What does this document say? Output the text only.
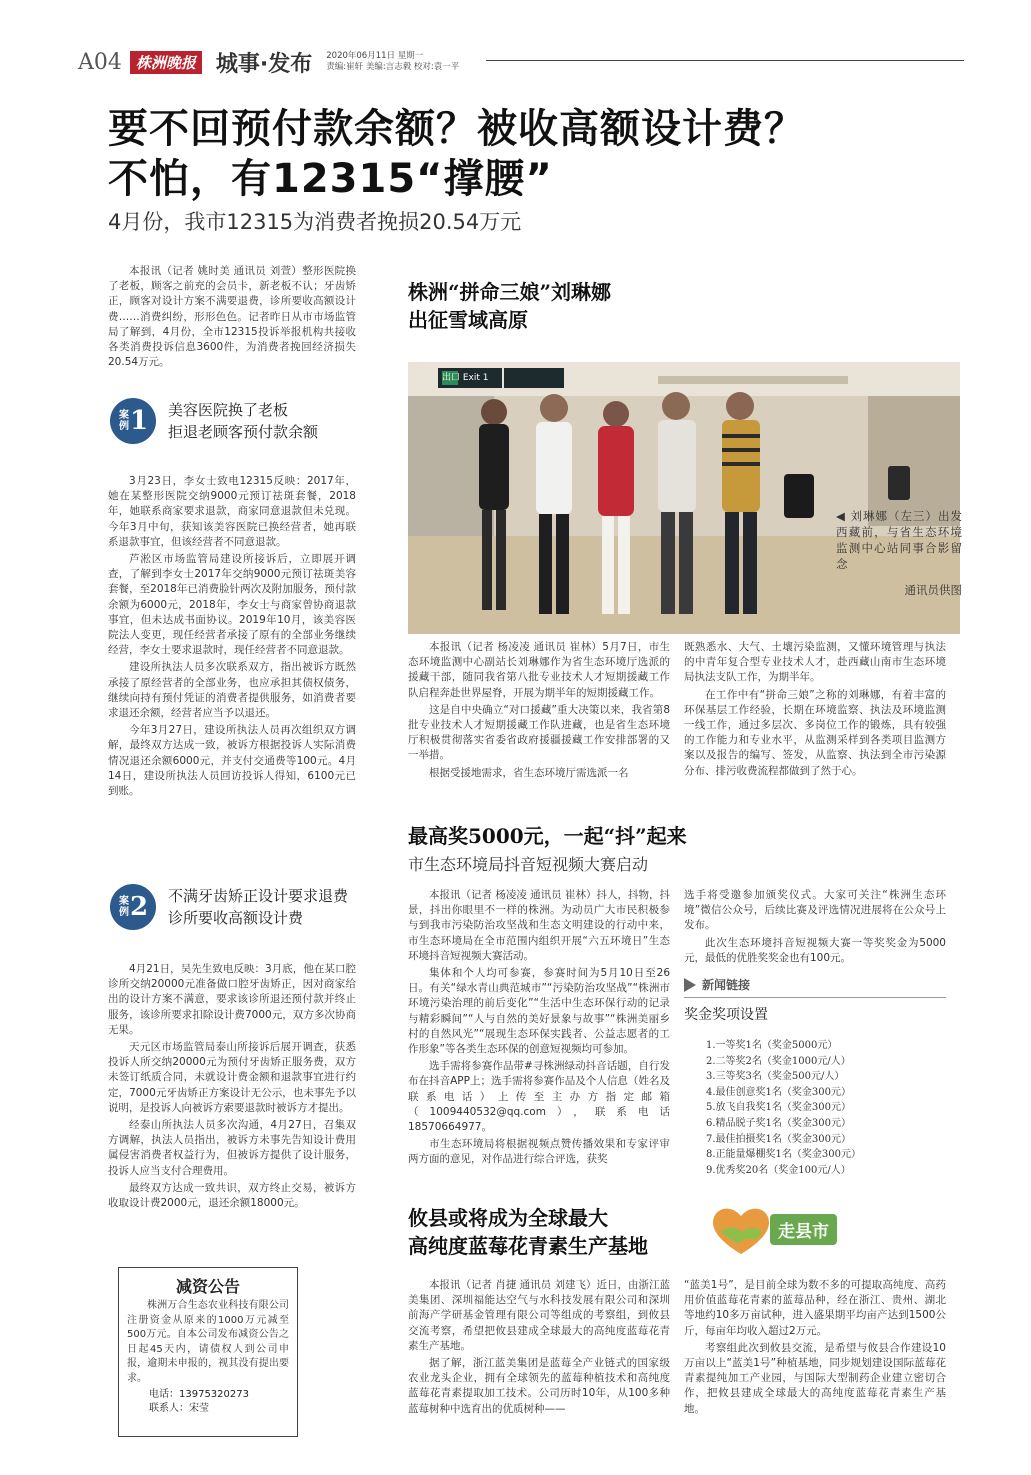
A04 株洲晚报 城事·发布 2020年06月11日 星期一
责编:崔轩 美编:言志毅 校对:袁一平
要不回预付款余额？被收高额设计费？
不怕，有12315“撑腰”

4月份，我市12315为消费者挽损20.54万元

本报讯（记者 姚时美 通讯员 刘萱）整形医院换了老板，顾客之前充的会员卡，新老板不认；牙齿矫正，顾客对设计方案不满要退费，诊所要收高额设计费……消费纠纷，形形色色。记者昨日从市市场监管局了解到，4月份，全市12315投诉举报机构共接收各类消费投诉信息3600件，为消费者挽回经济损失20.54万元。

案例 1 美容医院换了老板
拒退老顾客预付款余额

3月23日，李女士致电12315反映：2017年，她在某整形医院交纳9000元预订祛斑套餐，2018年，她联系商家要求退款，商家同意退款但未兑现。今年3月中旬，获知该美容医院已换经营者，她再联系退款事宜，但该经营者不同意退款。

芦淞区市场监管局建设所接诉后，立即展开调查，了解到李女士2017年交纳9000元预订祛斑美容套餐，至2018年已消费脸针两次及附加服务，预付款余额为6000元，2018年，李女士与商家曾协商退款事宜，但未达成书面协议。2019年10月，该美容医院法人变更，现任经营者承接了原有的全部业务继续经营，李女士要求退款时，现任经营者不同意退款。

建设所执法人员多次联系双方，指出被诉方既然承接了原经营者的全部业务，也应承担其债权债务，继续向持有预付凭证的消费者提供服务，如消费者要求退还余额，经营者应当予以退还。

今年3月27日，建设所执法人员再次组织双方调解，最终双方达成一致，被诉方根据投诉人实际消费情况退还余额6000元，并支付交通费等100元。4月14日，建设所执法人员回访投诉人得知，6100元已到账。

案例 2 不满牙齿矫正设计要求退费
诊所要收高额设计费

4月21日，吴先生致电反映：3月底，他在某口腔诊所交纳20000元准备做口腔牙齿矫正，因对商家给出的设计方案不满意，要求该诊所退还预付款并终止服务，该诊所要求扣除设计费7000元，双方多次协商无果。

天元区市场监管局泰山所接诉后展开调查，获悉投诉人所交纳20000元为预付牙齿矫正服务费，双方未签订纸质合同，未就设计费金额和退款事宜进行约定，7000元牙齿矫正方案设计无公示，也未事先予以说明，是投诉人向被诉方索要退款时被诉方才提出。

经泰山所执法人员多次沟通，4月27日，召集双方调解，执法人员指出，被诉方未事先告知设计费用属侵害消费者权益行为，但被诉方提供了设计服务，投诉人应当支付合理费用。

最终双方达成一致共识，双方终止交易，被诉方收取设计费2000元，退还余额18000元。

减资公告

株洲万合生态农业科技有限公司注册资金从原来的1000万元减至500万元。自本公司发布减资公告之日起45天内，请债权人到公司申报，逾期未申报的，视其没有提出要求。

电话：13975320273
联系人：宋莹

株洲“拼命三娘”刘琳娜

出征雪域高原

出口 Exit 1
◀ 刘琳娜（左三）出发西藏前，与省生态环境监测中心站同事合影留念
通讯员供图

本报讯（记者 杨凌凌 通讯员 崔林）5月7日，市生态环境监测中心副站长刘琳娜作为省生态环境厅选派的援藏干部，随同我省第八批专业技术人才短期援藏工作队启程奔赴世界屋脊，开展为期半年的短期援藏工作。

这是自中央确立“对口援藏”重大决策以来，我省第8批专业技术人才短期援藏工作队进藏，也是省生态环境厅积极贯彻落实省委省政府援疆援藏工作安排部署的又一举措。

根据受援地需求，省生态环境厅需选派一名

既熟悉水、大气、土壤污染监测，又懂环境管理与执法的中青年复合型专业技术人才，赴西藏山南市生态环境局执法支队工作，为期半年。

在工作中有“拼命三娘”之称的刘琳娜，有着丰富的环保基层工作经验，长期在环境监察、执法及环境监测一线工作，通过多层次、多岗位工作的锻炼，具有较强的工作能力和专业水平，从监测采样到各类项目监测方案以及报告的编写、签发，从监察、执法到全市污染源分布、排污收费流程都做到了然于心。

最高奖5000元，一起“抖”起来

市生态环境局抖音短视频大赛启动

本报讯（记者 杨凌凌 通讯员 崔林）抖人，抖物，抖景，抖出你眼里不一样的株洲。为动员广大市民积极参与到我市污染防治攻坚战和生态文明建设的行动中来，市生态环境局在全市范围内组织开展“六五环境日”生态环境抖音短视频大赛活动。

集体和个人均可参赛，参赛时间为5月10日至26日。有关“绿水青山典范城市”“污染防治攻坚战”“株洲市环境污染治理的前后变化”“生活中生态环保行动的记录与精彩瞬间”“人与自然的美好景象与故事”“株洲美丽乡村的自然风光”“展现生态环保实践者、公益志愿者的工作形象”等各类生态环保的创意短视频均可参加。

选手需将参赛作品带#寻株洲绿动抖音话题，自行发布在抖音APP上；选手需将参赛作品及个人信息（姓名及联系电话）上传至主办方指定邮箱（1009440532@qq.com），联系电话18570664977。

市生态环境局将根据视频点赞传播效果和专家评审两方面的意见，对作品进行综合评选，获奖

选手将受邀参加颁奖仪式。大家可关注“株洲生态环境”微信公众号，后续比赛及评选情况进展将在公众号上发布。

此次生态环境抖音短视频大赛一等奖奖金为5000元，最低的优胜奖奖金也有100元。

新闻链接
奖金奖项设置
1.一等奖1名（奖金5000元）
2.二等奖2名（奖金1000元/人）
3.三等奖3名（奖金500元/人）
4.最佳创意奖1名（奖金300元）
5.放飞自我奖1名（奖金300元）
6.精品脱子奖1名（奖金300元）
7.最佳拍摄奖1名（奖金300元）
8.正能量爆棚奖1名（奖金300元）
9.优秀奖20名（奖金100元/人）

攸县或将成为全球最大

高纯度蓝莓花青素生产基地

走县市

本报讯（记者 肖捷 通讯员 刘建飞）近日，由浙江蓝美集团、深圳福能达空气与水科技发展有限公司和深圳前海产学研基金管理有限公司等组成的考察组，到攸县交流考察，希望把攸县建成全球最大的高纯度蓝莓花青素生产基地。

据了解，浙江蓝美集团是蓝莓全产业链式的国家级农业龙头企业，拥有全球领先的蓝莓种植技术和高纯度蓝莓花青素提取加工技术。公司历时10年，从100多种蓝莓树种中选育出的优质树种——

“蓝美1号”，是目前全球为数不多的可提取高纯度、高药用价值蓝莓花青素的蓝莓品种，经在浙江、贵州、湖北等地约10多万亩试种，进入盛果期平均亩产达到1500公斤，每亩年均收入超过2万元。

考察组此次到攸县交流，是希望与攸县合作建设10万亩以上“蓝美1号”种植基地，同步规划建设国际蓝莓花青素提纯加工产业园，与国际大型制药企业建立密切合作，把攸县建成全球最大的高纯度蓝莓花青素生产基地。
